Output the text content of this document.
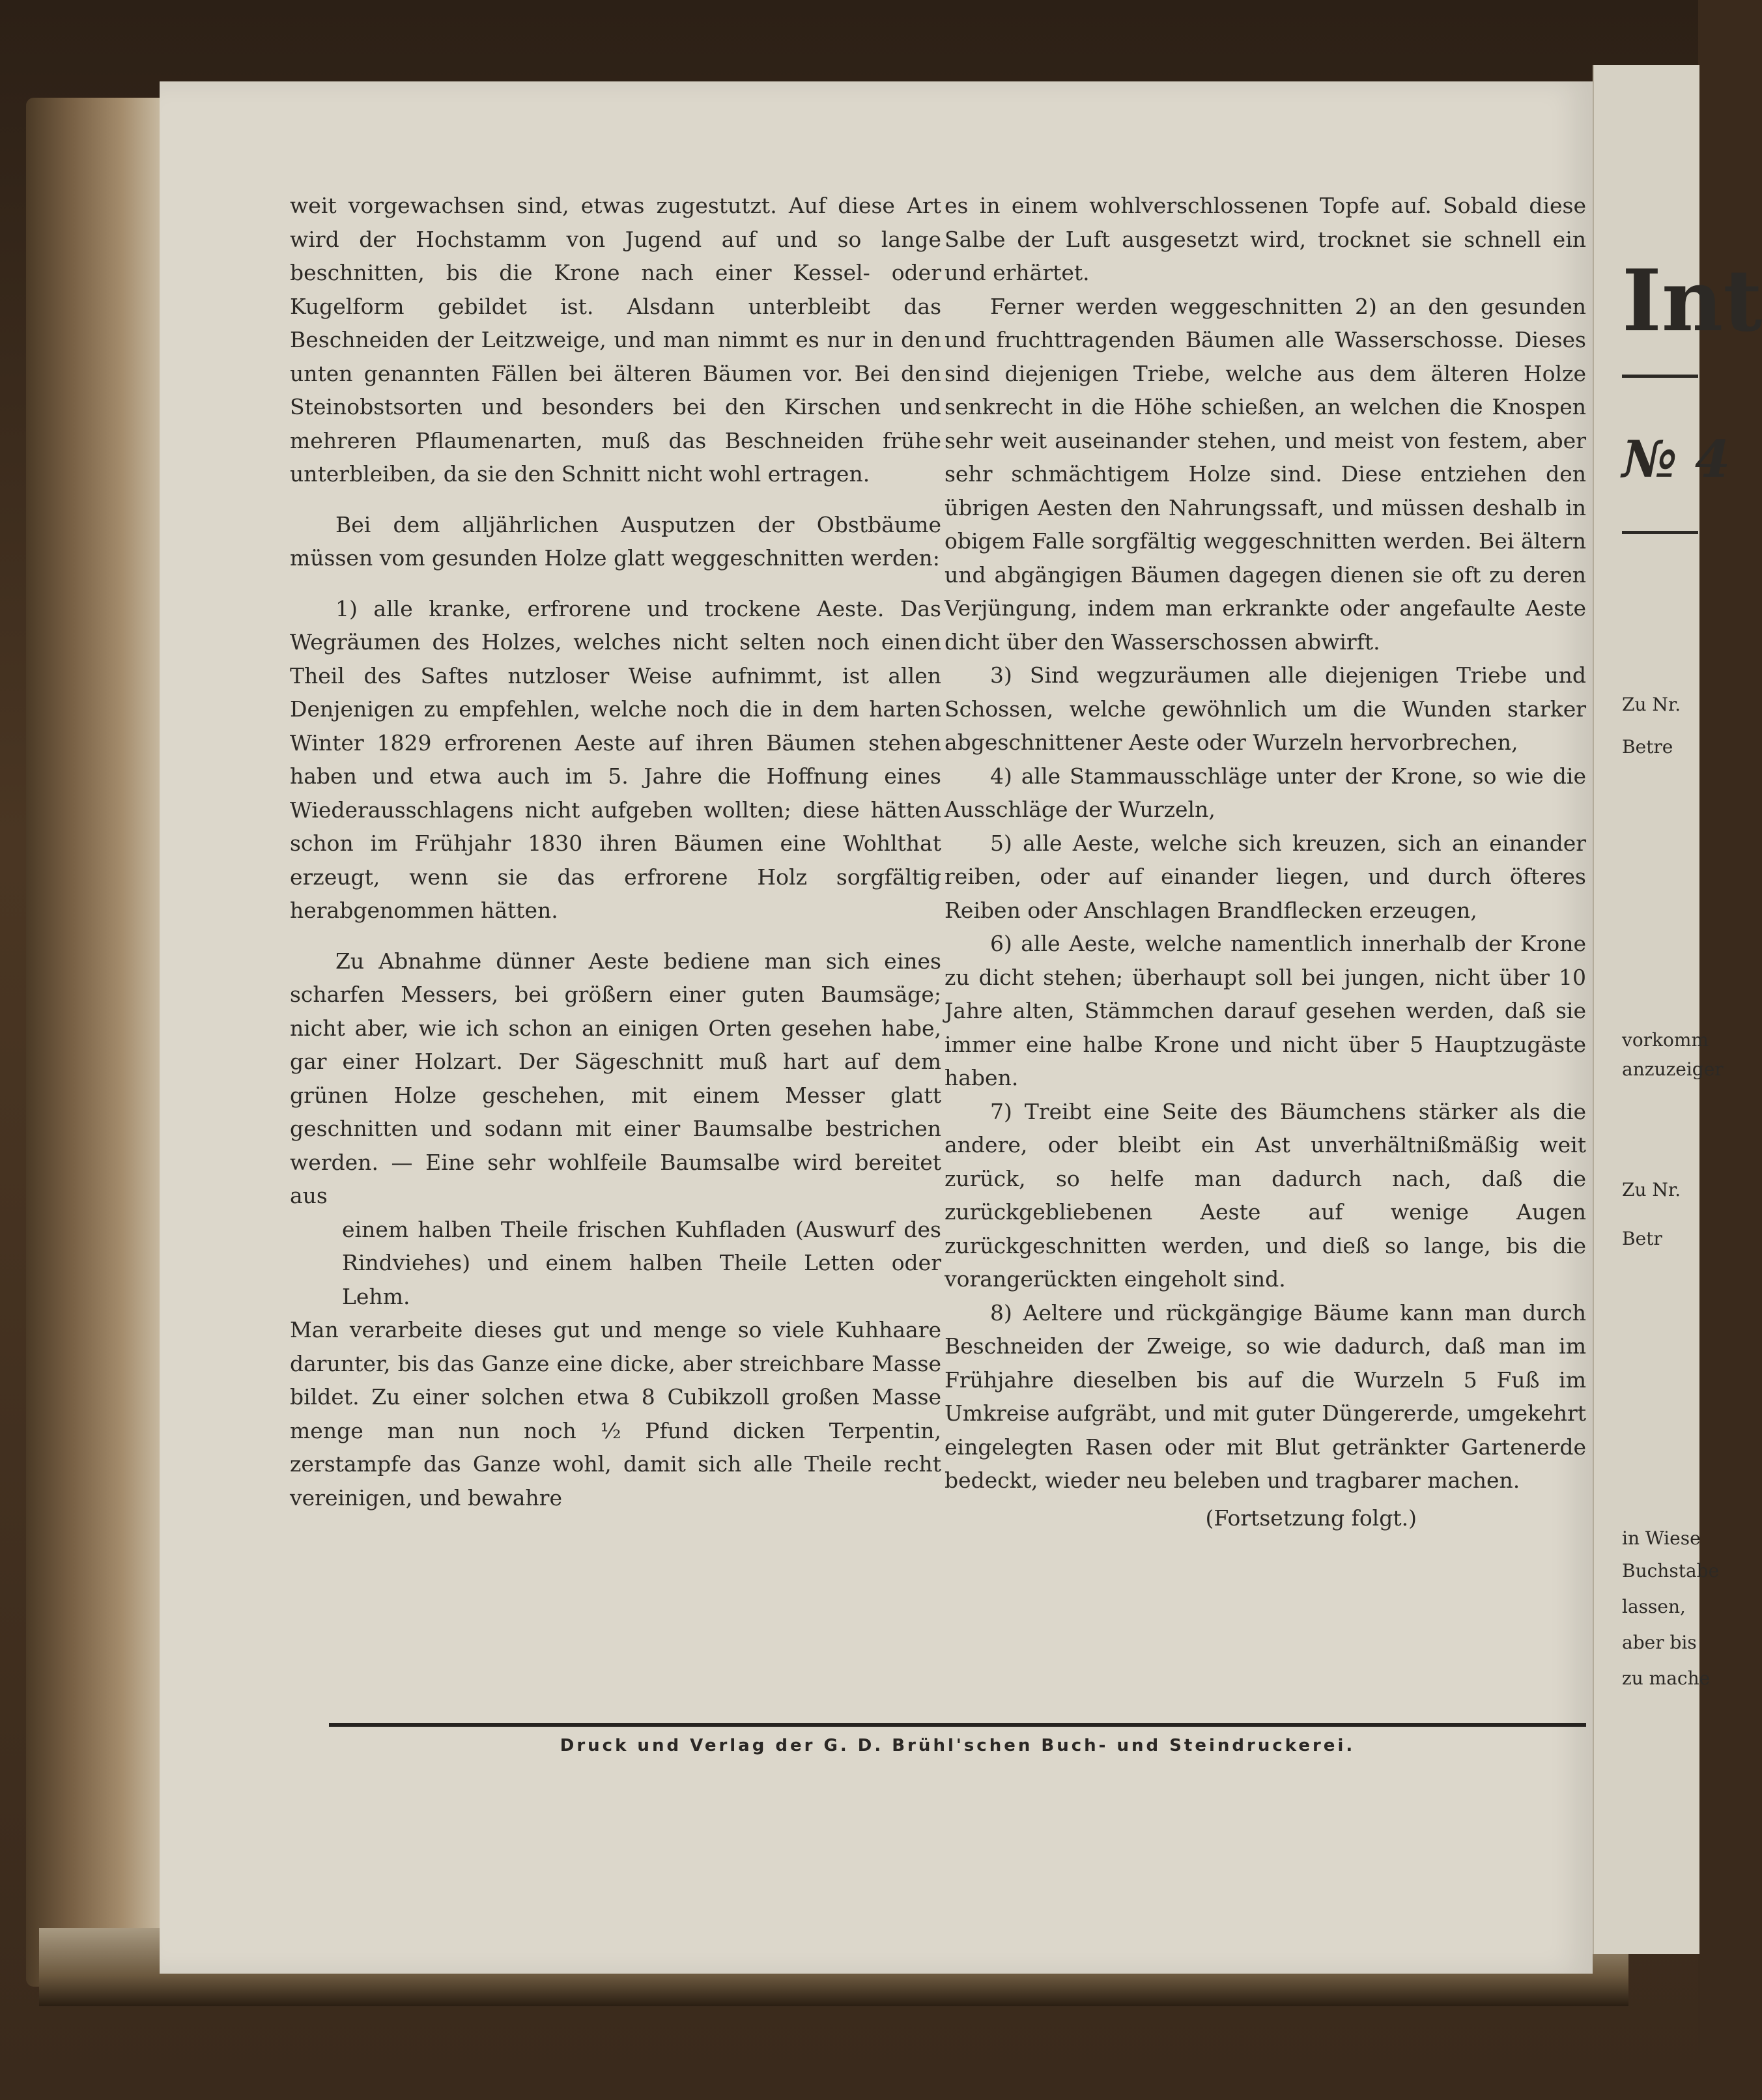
weit vorgewachsen sind, etwas zugestutzt. Auf diese Art wird der Hochstamm von Jugend auf und so lange beschnitten, bis die Krone nach einer Kessel- oder Kugelform gebildet ist. Alsdann unterbleibt das Beschneiden der Leitzweige, und man nimmt es nur in den unten genannten Fällen bei älteren Bäumen vor. Bei den Steinobstsorten und besonders bei den Kirschen und mehreren Pflaumenarten, muß das Beschneiden frühe unterbleiben, da sie den Schnitt nicht wohl ertragen.

Bei dem alljährlichen Ausputzen der Obstbäume müssen vom gesunden Holze glatt weggeschnitten werden:

1) alle kranke, erfrorene und trockene Aeste. Das Wegräumen des Holzes, welches nicht selten noch einen Theil des Saftes nutzloser Weise aufnimmt, ist allen Denjenigen zu empfehlen, welche noch die in dem harten Winter 1829 erfrorenen Aeste auf ihren Bäumen stehen haben und etwa auch im 5. Jahre die Hoffnung eines Wiederausschlagens nicht aufgeben wollten; diese hätten schon im Frühjahr 1830 ihren Bäumen eine Wohlthat erzeugt, wenn sie das erfrorene Holz sorgfältig herabgenommen hätten.

Zu Abnahme dünner Aeste bediene man sich eines scharfen Messers, bei größern einer guten Baumsäge; nicht aber, wie ich schon an einigen Orten gesehen habe, gar einer Holzart. Der Sägeschnitt muß hart auf dem grünen Holze geschehen, mit einem Messer glatt geschnitten und sodann mit einer Baumsalbe bestrichen werden. — Eine sehr wohlfeile Baumsalbe wird bereitet aus

einem halben Theile frischen Kuhfladen (Auswurf des Rindviehes) und einem halben Theile Letten oder Lehm.

Man verarbeite dieses gut und menge so viele Kuhhaare darunter, bis das Ganze eine dicke, aber streichbare Masse bildet. Zu einer solchen etwa 8 Cubikzoll großen Masse menge man nun noch ½ Pfund dicken Terpentin, zerstampfe das Ganze wohl, damit sich alle Theile recht vereinigen, und bewahre

es in einem wohlverschlossenen Topfe auf. Sobald diese Salbe der Luft ausgesetzt wird, trocknet sie schnell ein und erhärtet.

Ferner werden weggeschnitten 2) an den gesunden und fruchttragenden Bäumen alle Wasserschosse. Dieses sind diejenigen Triebe, welche aus dem älteren Holze senkrecht in die Höhe schießen, an welchen die Knospen sehr weit auseinander stehen, und meist von festem, aber sehr schmächtigem Holze sind. Diese entziehen den übrigen Aesten den Nahrungssaft, und müssen deshalb in obigem Falle sorgfältig weggeschnitten werden. Bei ältern und abgängigen Bäumen dagegen dienen sie oft zu deren Verjüngung, indem man erkrankte oder angefaulte Aeste dicht über den Wasserschossen abwirft.

3) Sind wegzuräumen alle diejenigen Triebe und Schossen, welche gewöhnlich um die Wunden starker abgeschnittener Aeste oder Wurzeln hervorbrechen,

4) alle Stammausschläge unter der Krone, so wie die Ausschläge der Wurzeln,

5) alle Aeste, welche sich kreuzen, sich an einander reiben, oder auf einander liegen, und durch öfteres Reiben oder Anschlagen Brandflecken erzeugen,

6) alle Aeste, welche namentlich innerhalb der Krone zu dicht stehen; überhaupt soll bei jungen, nicht über 10 Jahre alten, Stämmchen darauf gesehen werden, daß sie immer eine halbe Krone und nicht über 5 Hauptzugäste haben.

7) Treibt eine Seite des Bäumchens stärker als die andere, oder bleibt ein Ast unverhältnißmäßig weit zurück, so helfe man dadurch nach, daß die zurückgebliebenen Aeste auf wenige Augen zurückgeschnitten werden, und dieß so lange, bis die vorangerückten eingeholt sind.

8) Aeltere und rückgängige Bäume kann man durch Beschneiden der Zweige, so wie dadurch, daß man im Frühjahre dieselben bis auf die Wurzeln 5 Fuß im Umkreise aufgräbt, und mit guter Düngererde, umgekehrt eingelegten Rasen oder mit Blut getränkter Gartenerde bedeckt, wieder neu beleben und tragbarer machen.

(Fortsetzung folgt.)

Druck und Verlag der G. D. Brühl'schen Buch- und Steindruckerei.
Int
№ 4
Zu Nr.
Betre
vorkomm
anzuzeiger
Zu Nr.
Betr
in Wiese
Buchstabe
lassen,
aber bis
zu mache
